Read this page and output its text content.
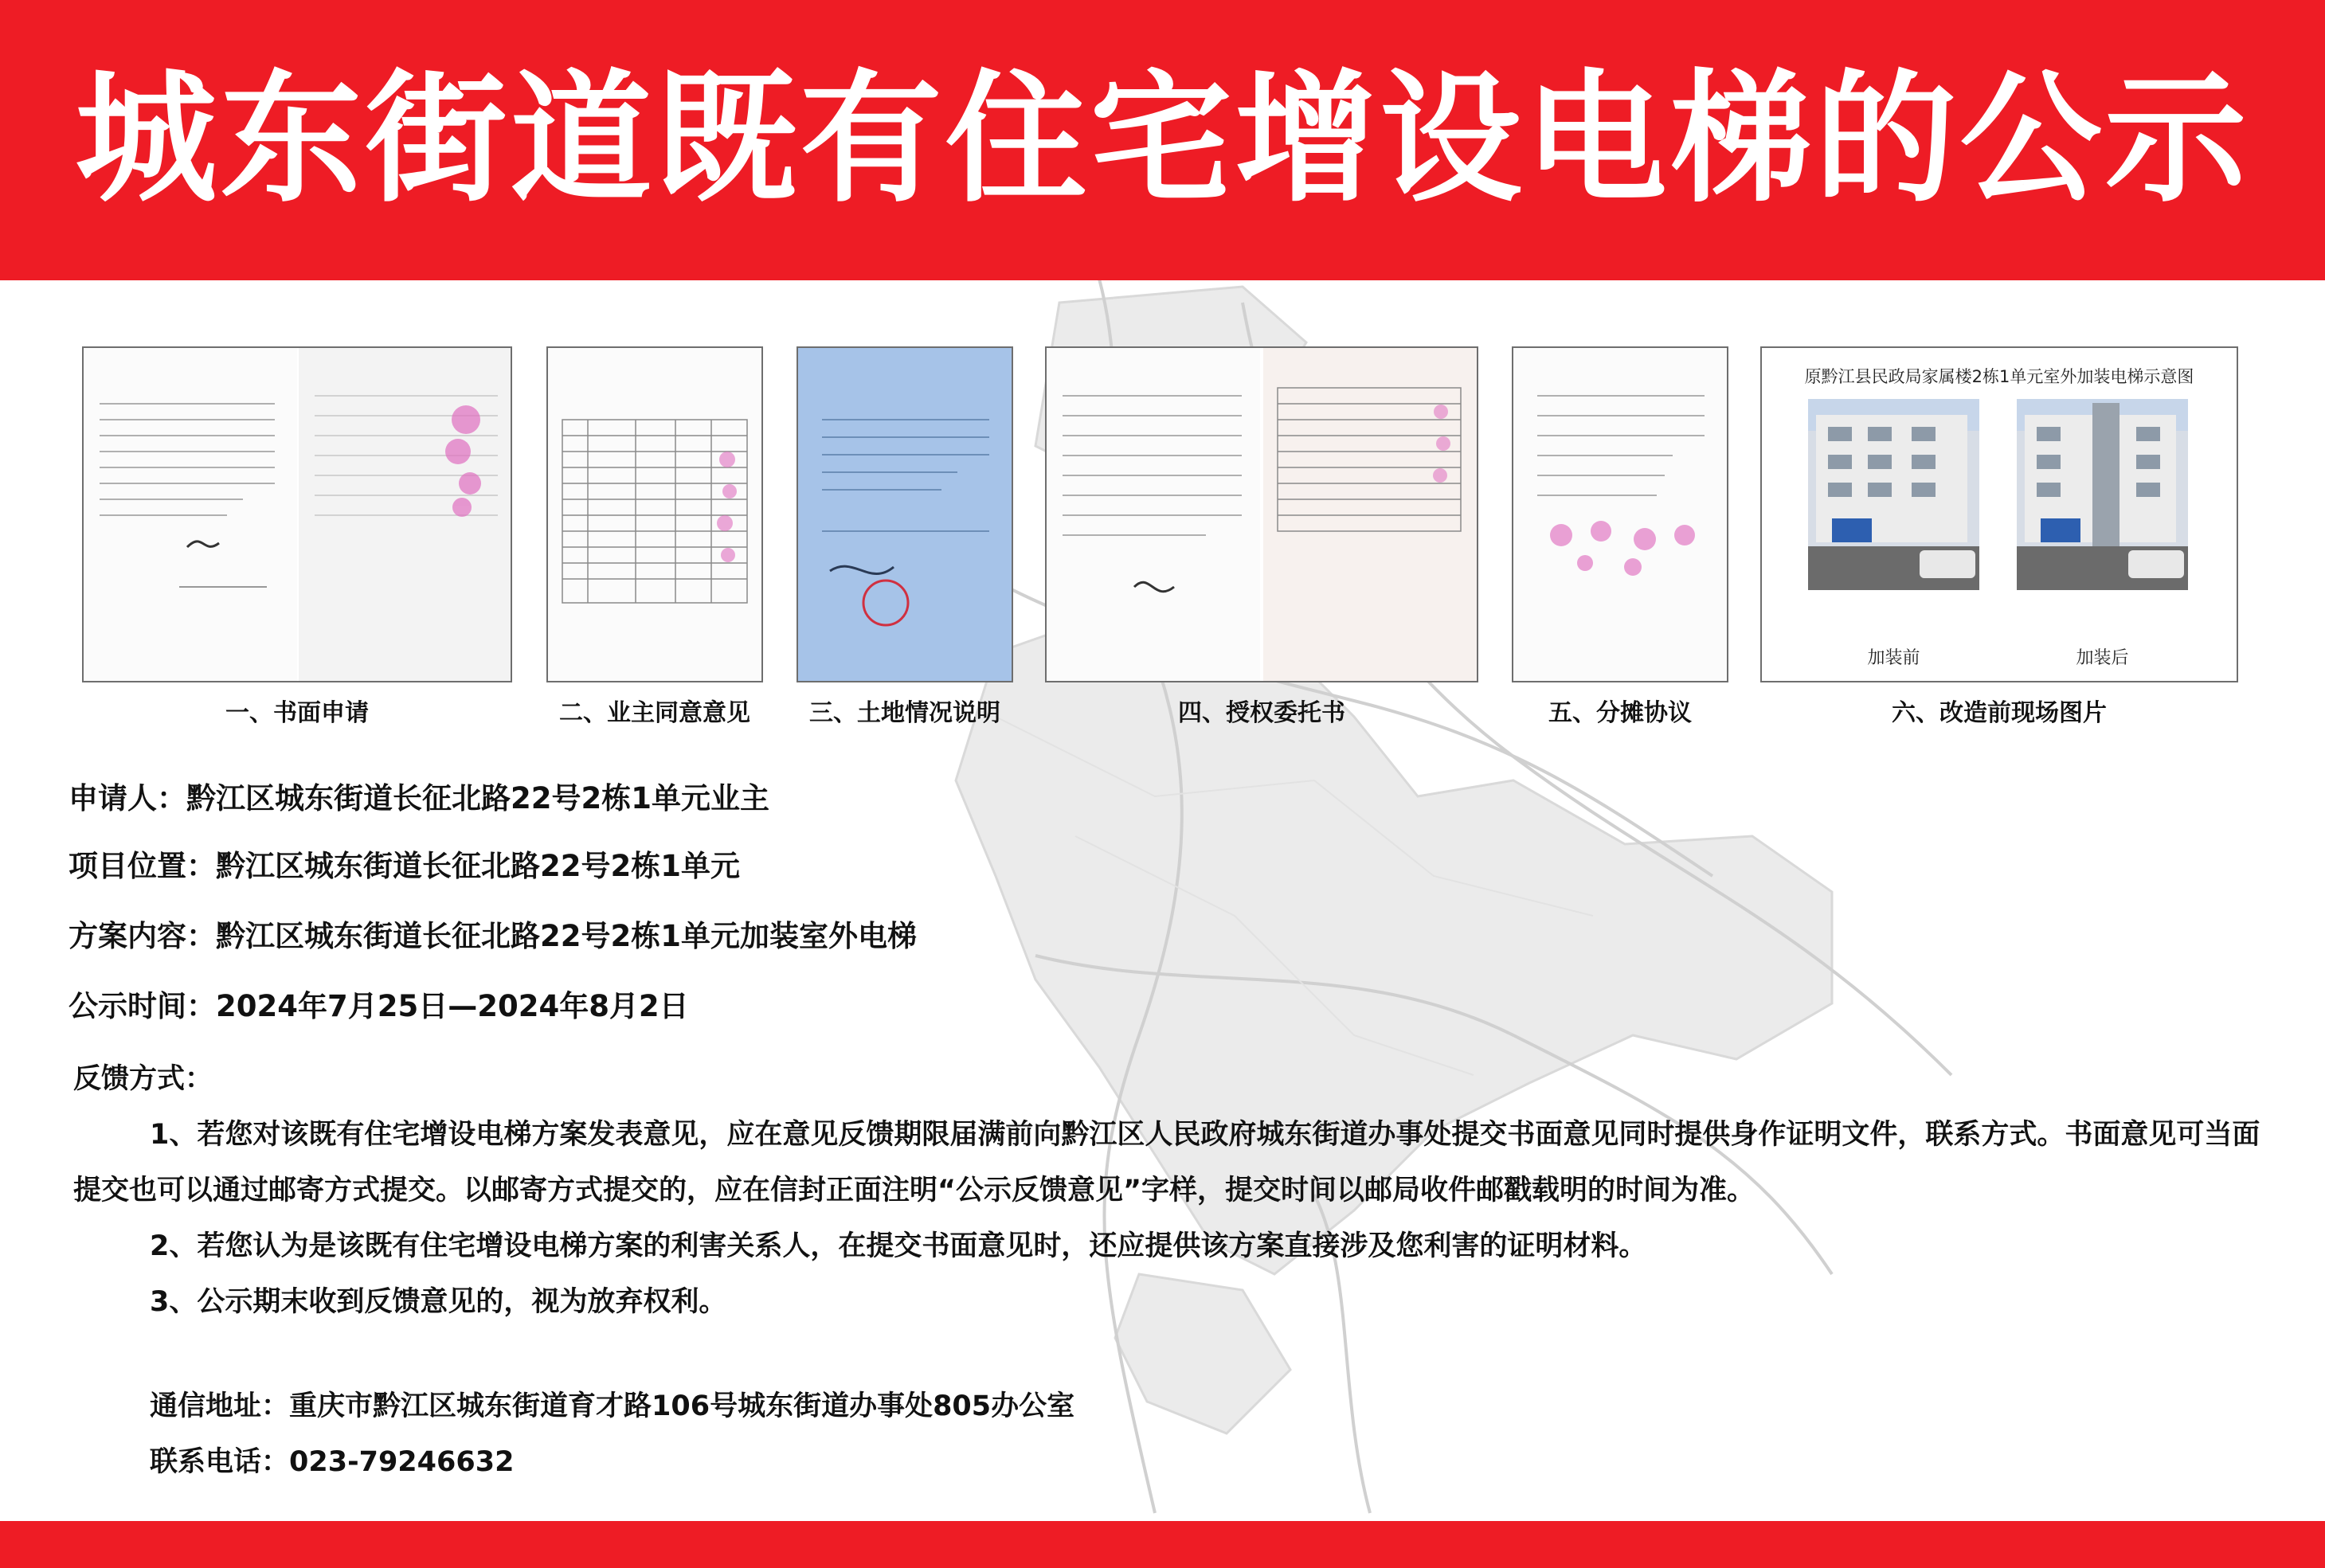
城东街道既有住宅增设电梯的公示
一、书面申请	二、业主同意意见	三、土地情况说明	四、授权委托书	五、分摊协议
原黔江县民政局家属楼2栋1单元室外加装电梯示意图
加装前	加装后
六、改造前现场图片
申请人：黔江区城东街道长征北路22号2栋1单元业主
项目位置：黔江区城东街道长征北路22号2栋1单元
方案内容：黔江区城东街道长征北路22号2栋1单元加装室外电梯
公示时间：2024年7月25日—2024年8月2日
反馈方式：

1、若您对该既有住宅增设电梯方案发表意见，应在意见反馈期限届满前向黔江区人民政府城东街道办事处提交书面意见同时提供身作证明文件，联系方式。书面意见可当面提交也可以通过邮寄方式提交。以邮寄方式提交的，应在信封正面注明“公示反馈意见”字样，提交时间以邮局收件邮戳载明的时间为准。

2、若您认为是该既有住宅增设电梯方案的利害关系人，在提交书面意见时，还应提供该方案直接涉及您利害的证明材料。

3、公示期末收到反馈意见的，视为放弃权利。

通信地址：重庆市黔江区城东街道育才路106号城东街道办事处805办公室
联系电话：023-79246632
